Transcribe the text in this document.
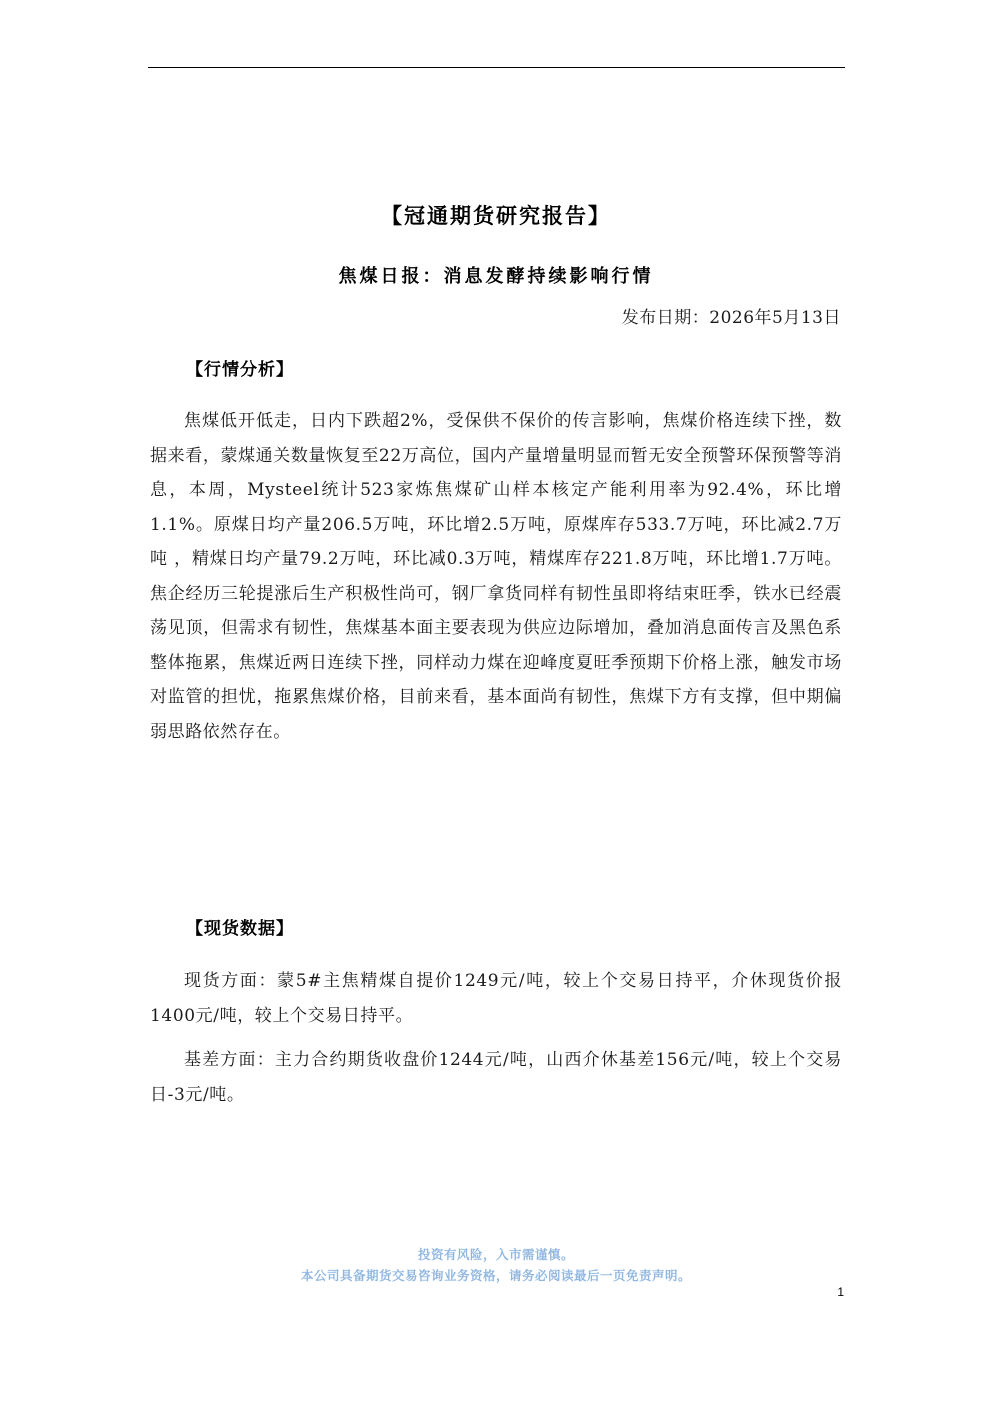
【冠通期货研究报告】
焦煤日报：消息发酵持续影响行情
发布日期：2026年5月13日
【行情分析】

焦煤低开低走，日内下跌超2%，受保供不保价的传言影响，焦煤价格连续下挫，数据来看，蒙煤通关数量恢复至22万高位，国内产量增量明显而暂无安全预警环保预警等消息，本周，Mysteel统计523家炼焦煤矿山样本核定产能利用率为92.4%，环比增1.1%。原煤日均产量206.5万吨，环比增2.5万吨，原煤库存533.7万吨，环比减2.7万吨 ，精煤日均产量79.2万吨，环比减0.3万吨，精煤库存221.8万吨，环比增1.7万吨。焦企经历三轮提涨后生产积极性尚可，钢厂拿货同样有韧性虽即将结束旺季，铁水已经震荡见顶，但需求有韧性，焦煤基本面主要表现为供应边际增加，叠加消息面传言及黑色系整体拖累，焦煤近两日连续下挫，同样动力煤在迎峰度夏旺季预期下价格上涨，触发市场对监管的担忧，拖累焦煤价格，目前来看，基本面尚有韧性，焦煤下方有支撑，但中期偏弱思路依然存在。

【现货数据】

现货方面：蒙5#主焦精煤自提价1249元/吨，较上个交易日持平，介休现货价报1400元/吨，较上个交易日持平。

基差方面：主力合约期货收盘价1244元/吨，山西介休基差156元/吨，较上个交易日-3元/吨。

投资有风险，入市需谨慎。
本公司具备期货交易咨询业务资格，请务必阅读最后一页免责声明。
1
